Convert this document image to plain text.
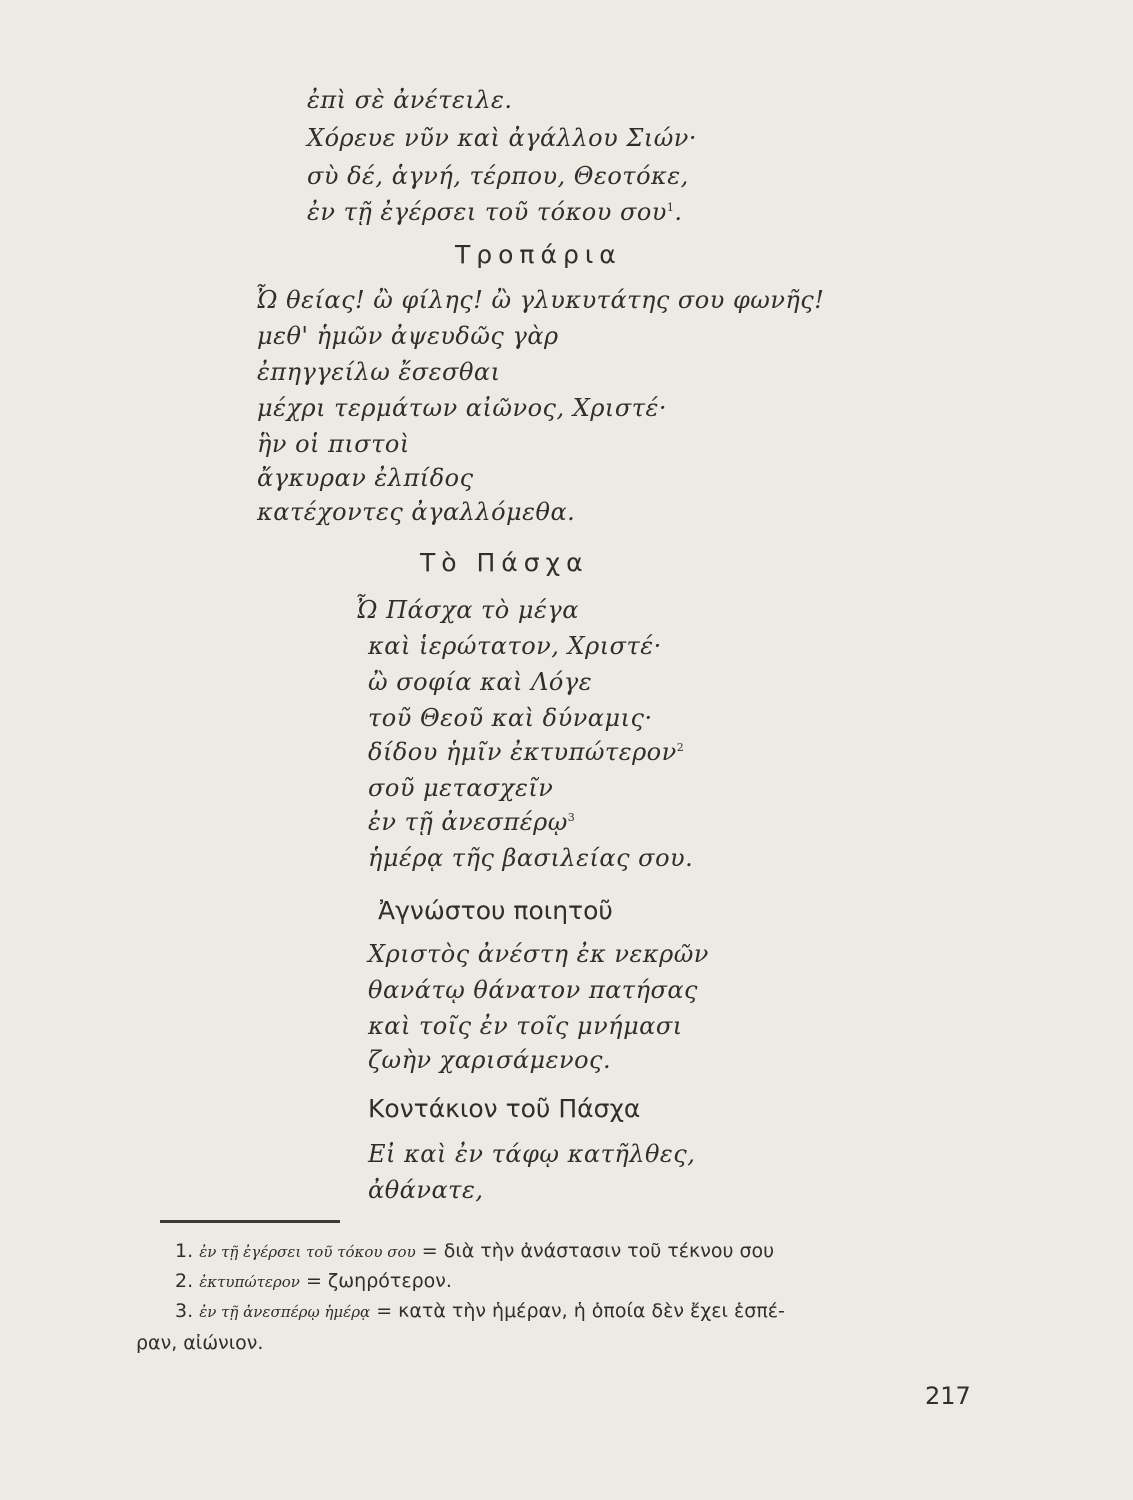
ἐπὶ σὲ ἀνέτειλε.
Χόρευε νῦν καὶ ἀγάλλου Σιών·
σὺ δέ, ἁγνή, τέρπου, Θεοτόκε,
ἐν τῇ ἐγέρσει τοῦ τόκου σου$^1$.
Τροπάρια
Ὦ θείας! ὢ φίλης! ὢ γλυκυτάτης σου φωνῆς!
μεθ' ἡμῶν ἀψευδῶς γὰρ
ἐπηγγείλω ἔσεσθαι
μέχρι τερμάτων αἰῶνος, Χριστέ·
ἣν οἱ πιστοὶ
ἄγκυραν ἐλπίδος
κατέχοντες ἀγαλλόμεθα.
Τὸ Πάσχα
Ὦ Πάσχα τὸ μέγα
καὶ ἱερώτατον, Χριστέ·
ὢ σοφία καὶ Λόγε
τοῦ Θεοῦ καὶ δύναμις·
δίδου ἡμῖν ἐκτυπώτερον$^2$
σοῦ μετασχεῖν
ἐν τῇ ἀνεσπέρῳ$^3$
ἡμέρᾳ τῆς βασιλείας σου.
Ἀγνώστου ποιητοῦ
Χριστὸς ἀνέστη ἐκ νεκρῶν
θανάτῳ θάνατον πατήσας
καὶ τοῖς ἐν τοῖς μνήμασι
ζωὴν χαρισάμενος.
Κοντάκιον τοῦ Πάσχα
Εἰ καὶ ἐν τάφῳ κατῆλθες,
ἀθάνατε,
1. ἐν τῇ ἐγέρσει τοῦ τόκου σου = διὰ τὴν ἀνάστασιν τοῦ τέκνου σου
2. ἐκτυπώτερον = ζωηρότερον.
3. ἐν τῇ ἀνεσπέρῳ ἡμέρᾳ = κατὰ τὴν ἡμέραν, ἡ ὁποία δὲν ἔχει ἑσπέ-
ραν, αἰώνιον.
217
